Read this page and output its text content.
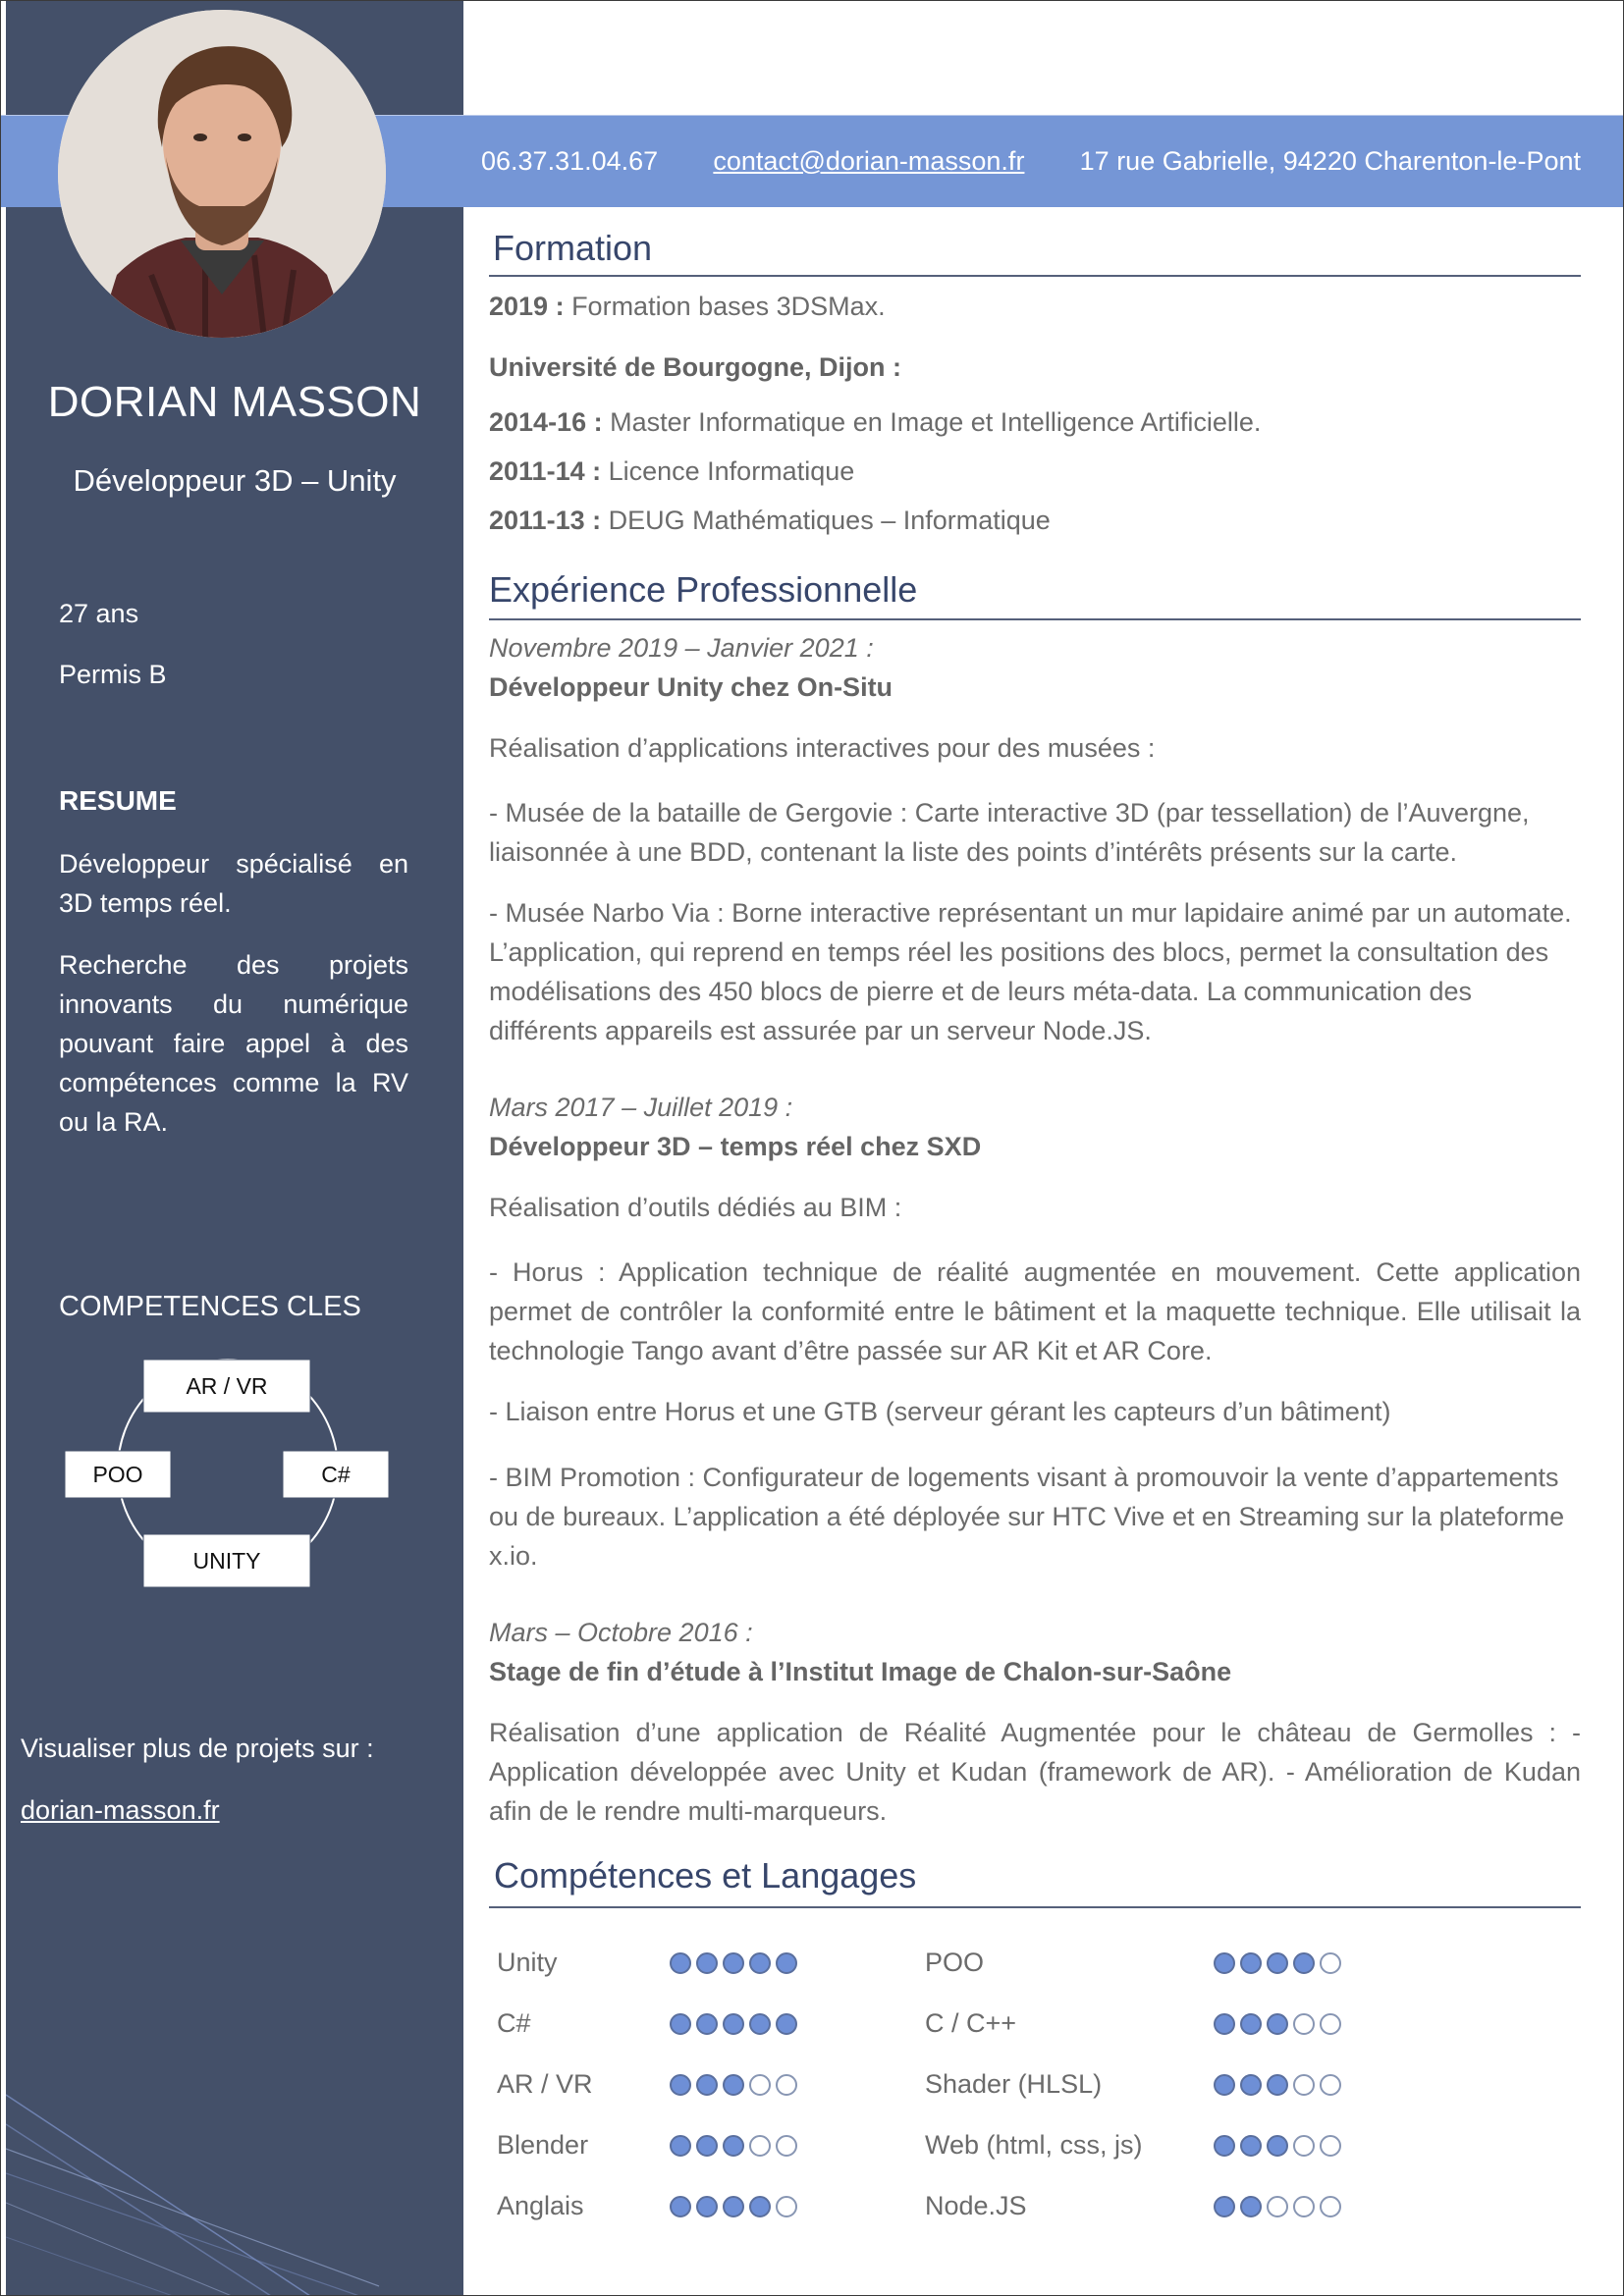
06.37.31.04.67 contact@dorian-masson.fr 17 rue Gabrielle, 94220 Charenton-le-Pont
DORIAN MASSON
Développeur 3D – Unity
27 ans
Permis B
RESUME
Développeur spécialisé en 3D temps réel.
Recherche des projets innovants du numérique pouvant faire appel à des compétences comme la RV ou la RA.
COMPETENCES CLES
AR / VR
POO	C#
UNITY
Visualiser plus de projets sur :
dorian-masson.fr
Formation
2019 : Formation bases 3DSMax.
Université de Bourgogne, Dijon :
2014-16 : Master Informatique en Image et Intelligence Artificielle.
2011-14 : Licence Informatique
2011-13 : DEUG Mathématiques – Informatique
Expérience Professionnelle
Novembre 2019 – Janvier 2021 :
Développeur Unity chez On-Situ
Réalisation d’applications interactives pour des musées :
- Musée de la bataille de Gergovie : Carte interactive 3D (par tessellation) de l’Auvergne, liaisonnée à une BDD, contenant la liste des points d’intérêts présents sur la carte.
- Musée Narbo Via : Borne interactive représentant un mur lapidaire animé par un automate. L’application, qui reprend en temps réel les positions des blocs, permet la consultation des modélisations des 450 blocs de pierre et de leurs méta-data. La communication des différents appareils est assurée par un serveur Node.JS.
Mars 2017 – Juillet 2019 :
Développeur 3D – temps réel chez SXD
Réalisation d’outils dédiés au BIM :
- Horus : Application technique de réalité augmentée en mouvement. Cette application permet de contrôler la conformité entre le bâtiment et la maquette technique. Elle utilisait la technologie Tango avant d’être passée sur AR Kit et AR Core.
- Liaison entre Horus et une GTB (serveur gérant les capteurs d’un bâtiment)
- BIM Promotion : Configurateur de logements visant à promouvoir la vente d’appartements ou de bureaux. L’application a été déployée sur HTC Vive et en Streaming sur la plateforme x.io.
Mars – Octobre 2016 :
Stage de fin d’étude à l’Institut Image de Chalon-sur-Saône
Réalisation d’une application de Réalité Augmentée pour le château de Germolles : - Application développée avec Unity et Kudan (framework de AR). - Amélioration de Kudan afin de le rendre multi-marqueurs.
Compétences et Langages
Unity
C#
AR / VR
Blender
Anglais
POO
C / C++
Shader (HLSL)
Web (html, css, js)
Node.JS
